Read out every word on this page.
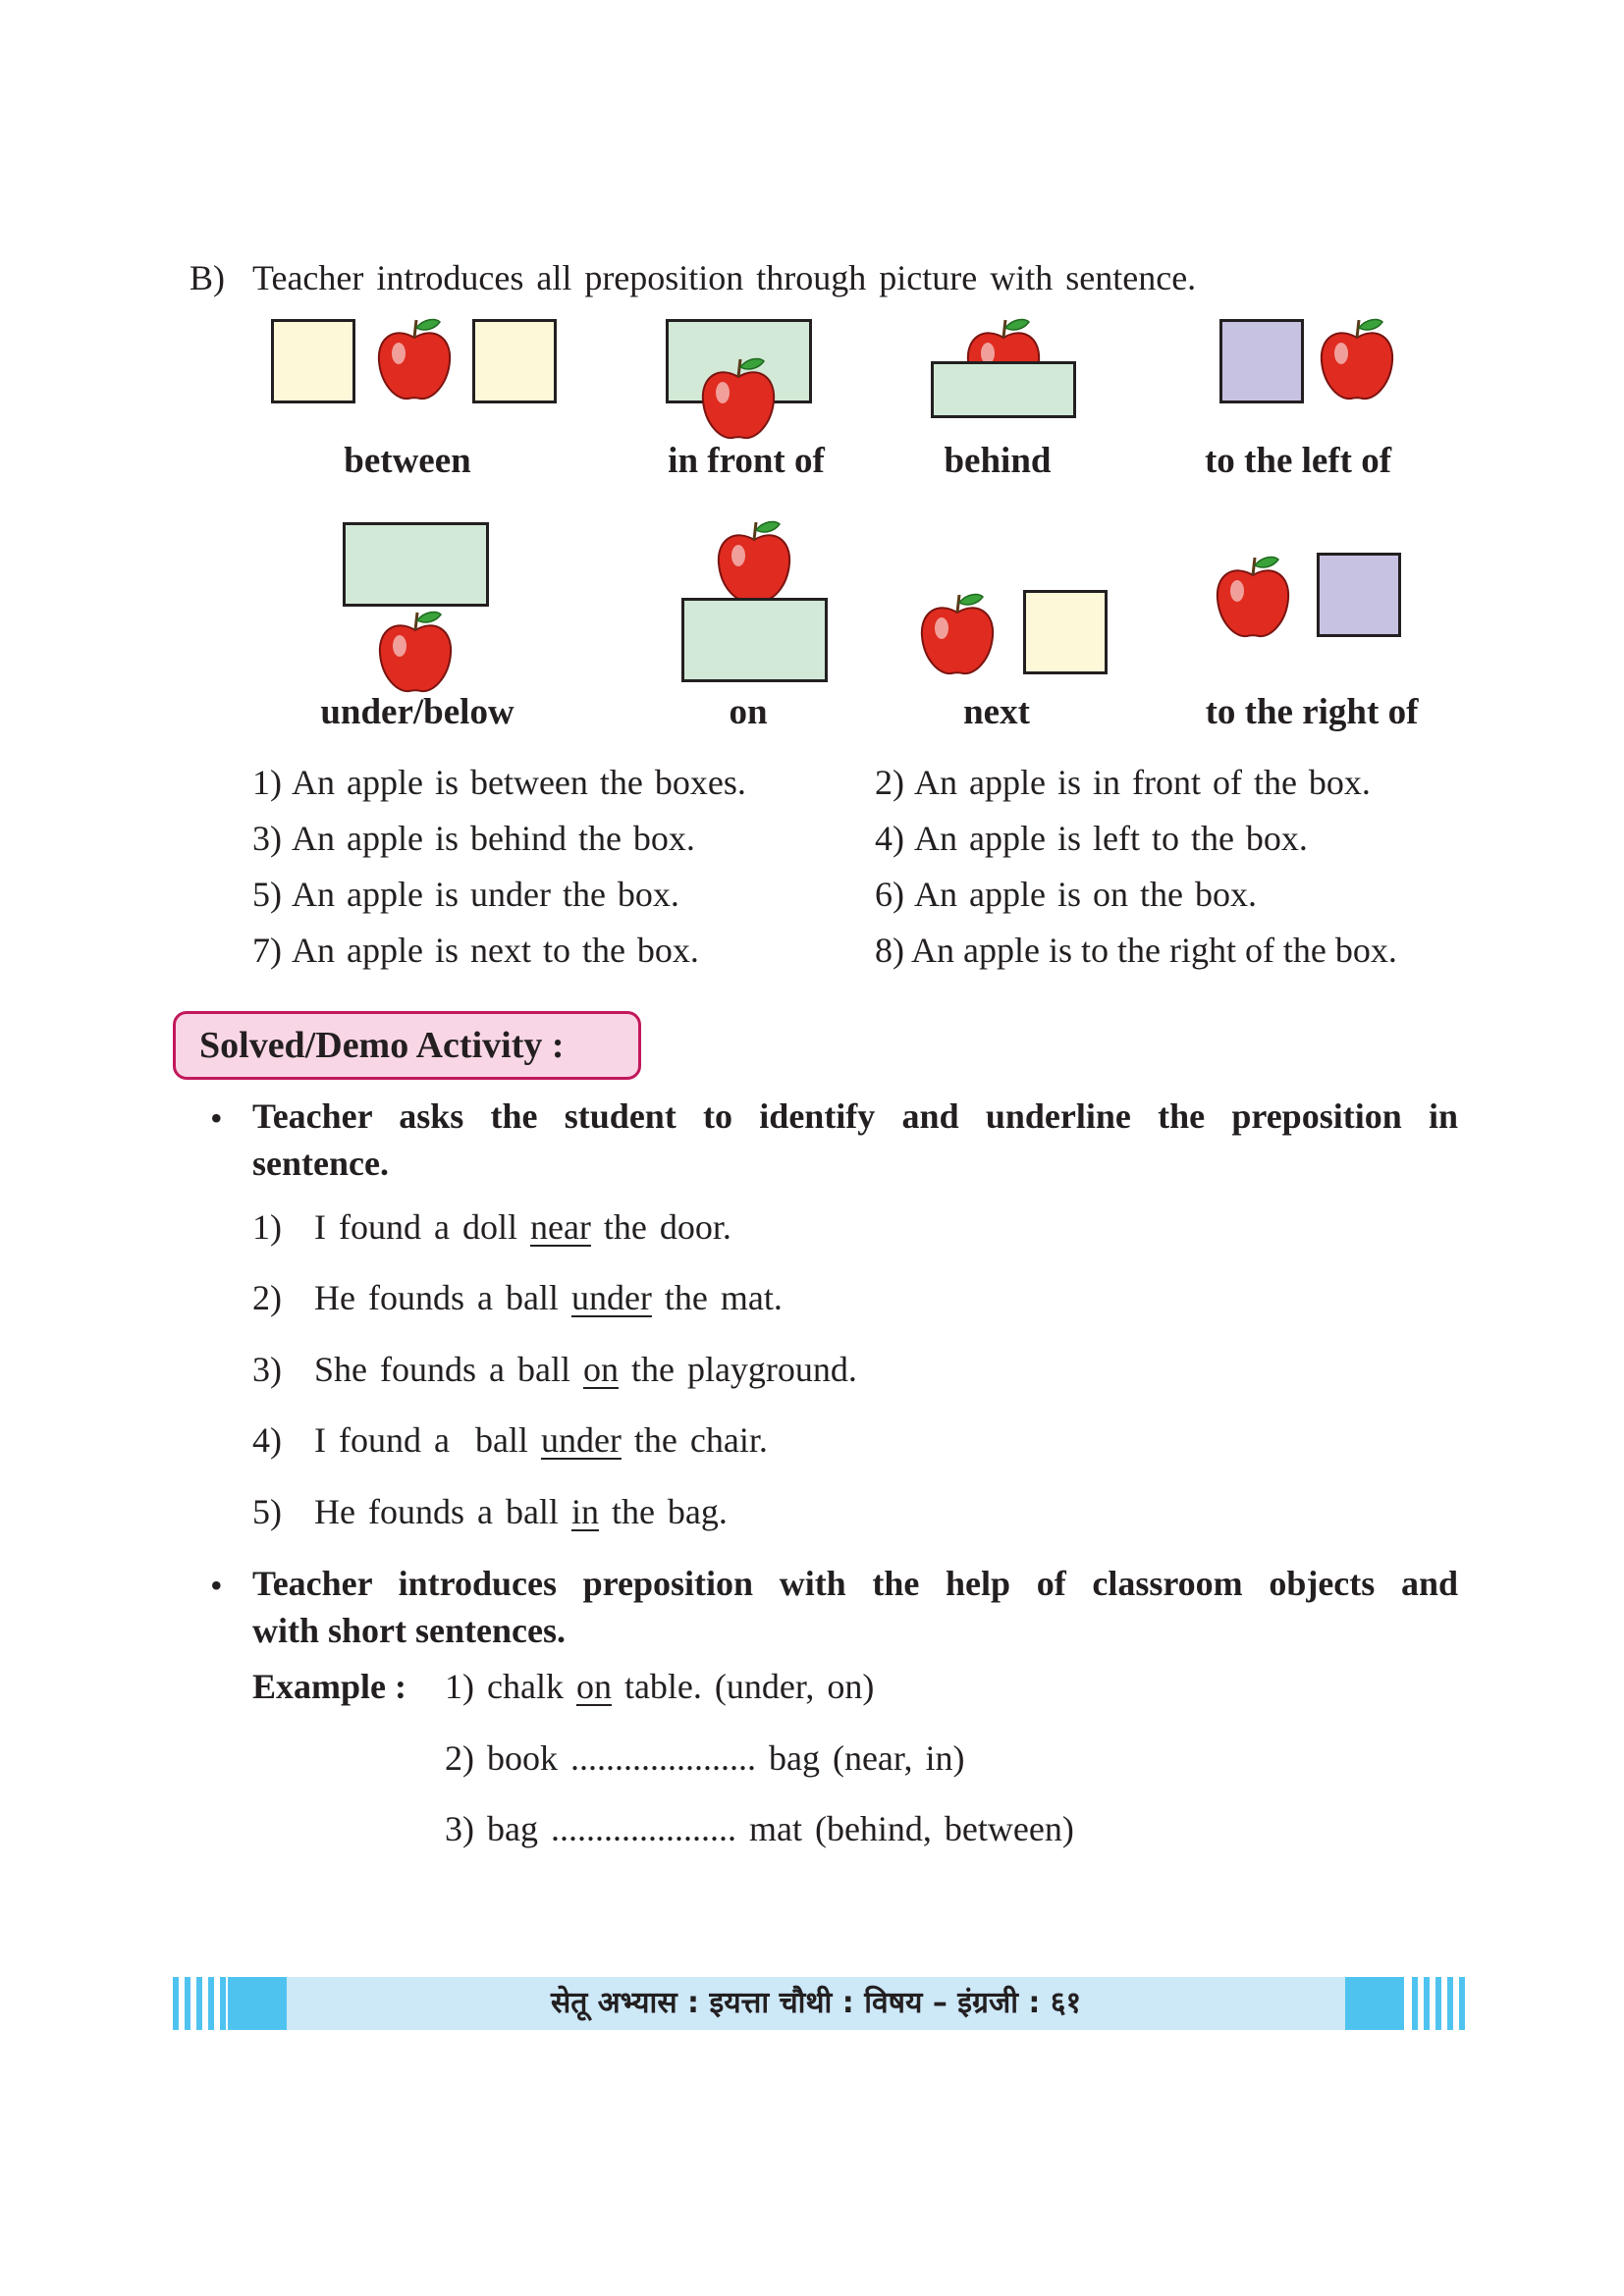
B) Teacher introduces all preposition through picture with sentence.
between	in front of	behind	to the left of
under/below	on	next	to the right of
1) An apple is between the boxes.	2) An apple is in front of the box.
3) An apple is behind the box.	4) An apple is left to the box.
5) An apple is under the box.	6) An apple is on the box.
7) An apple is next to the box.	8) An apple is to the right of the box.
Solved/Demo Activity :
• Teacher asks the student to identify and underline the preposition in
sentence.
1) I found a doll near the door.
2) He founds a ball under the mat.
3) She founds a ball on the playground.
4) I found a  ball under the chair.
5) He founds a ball in the bag.
• Teacher introduces preposition with the help of classroom objects and
with short sentences.
Example : 1) chalk on table. (under, on)
2) book ..................... bag (near, in)
3) bag ..................... mat (behind, between)
सेतू अभ्यास : इयत्ता चौथी : विषय – इंग्रजी : ६१
